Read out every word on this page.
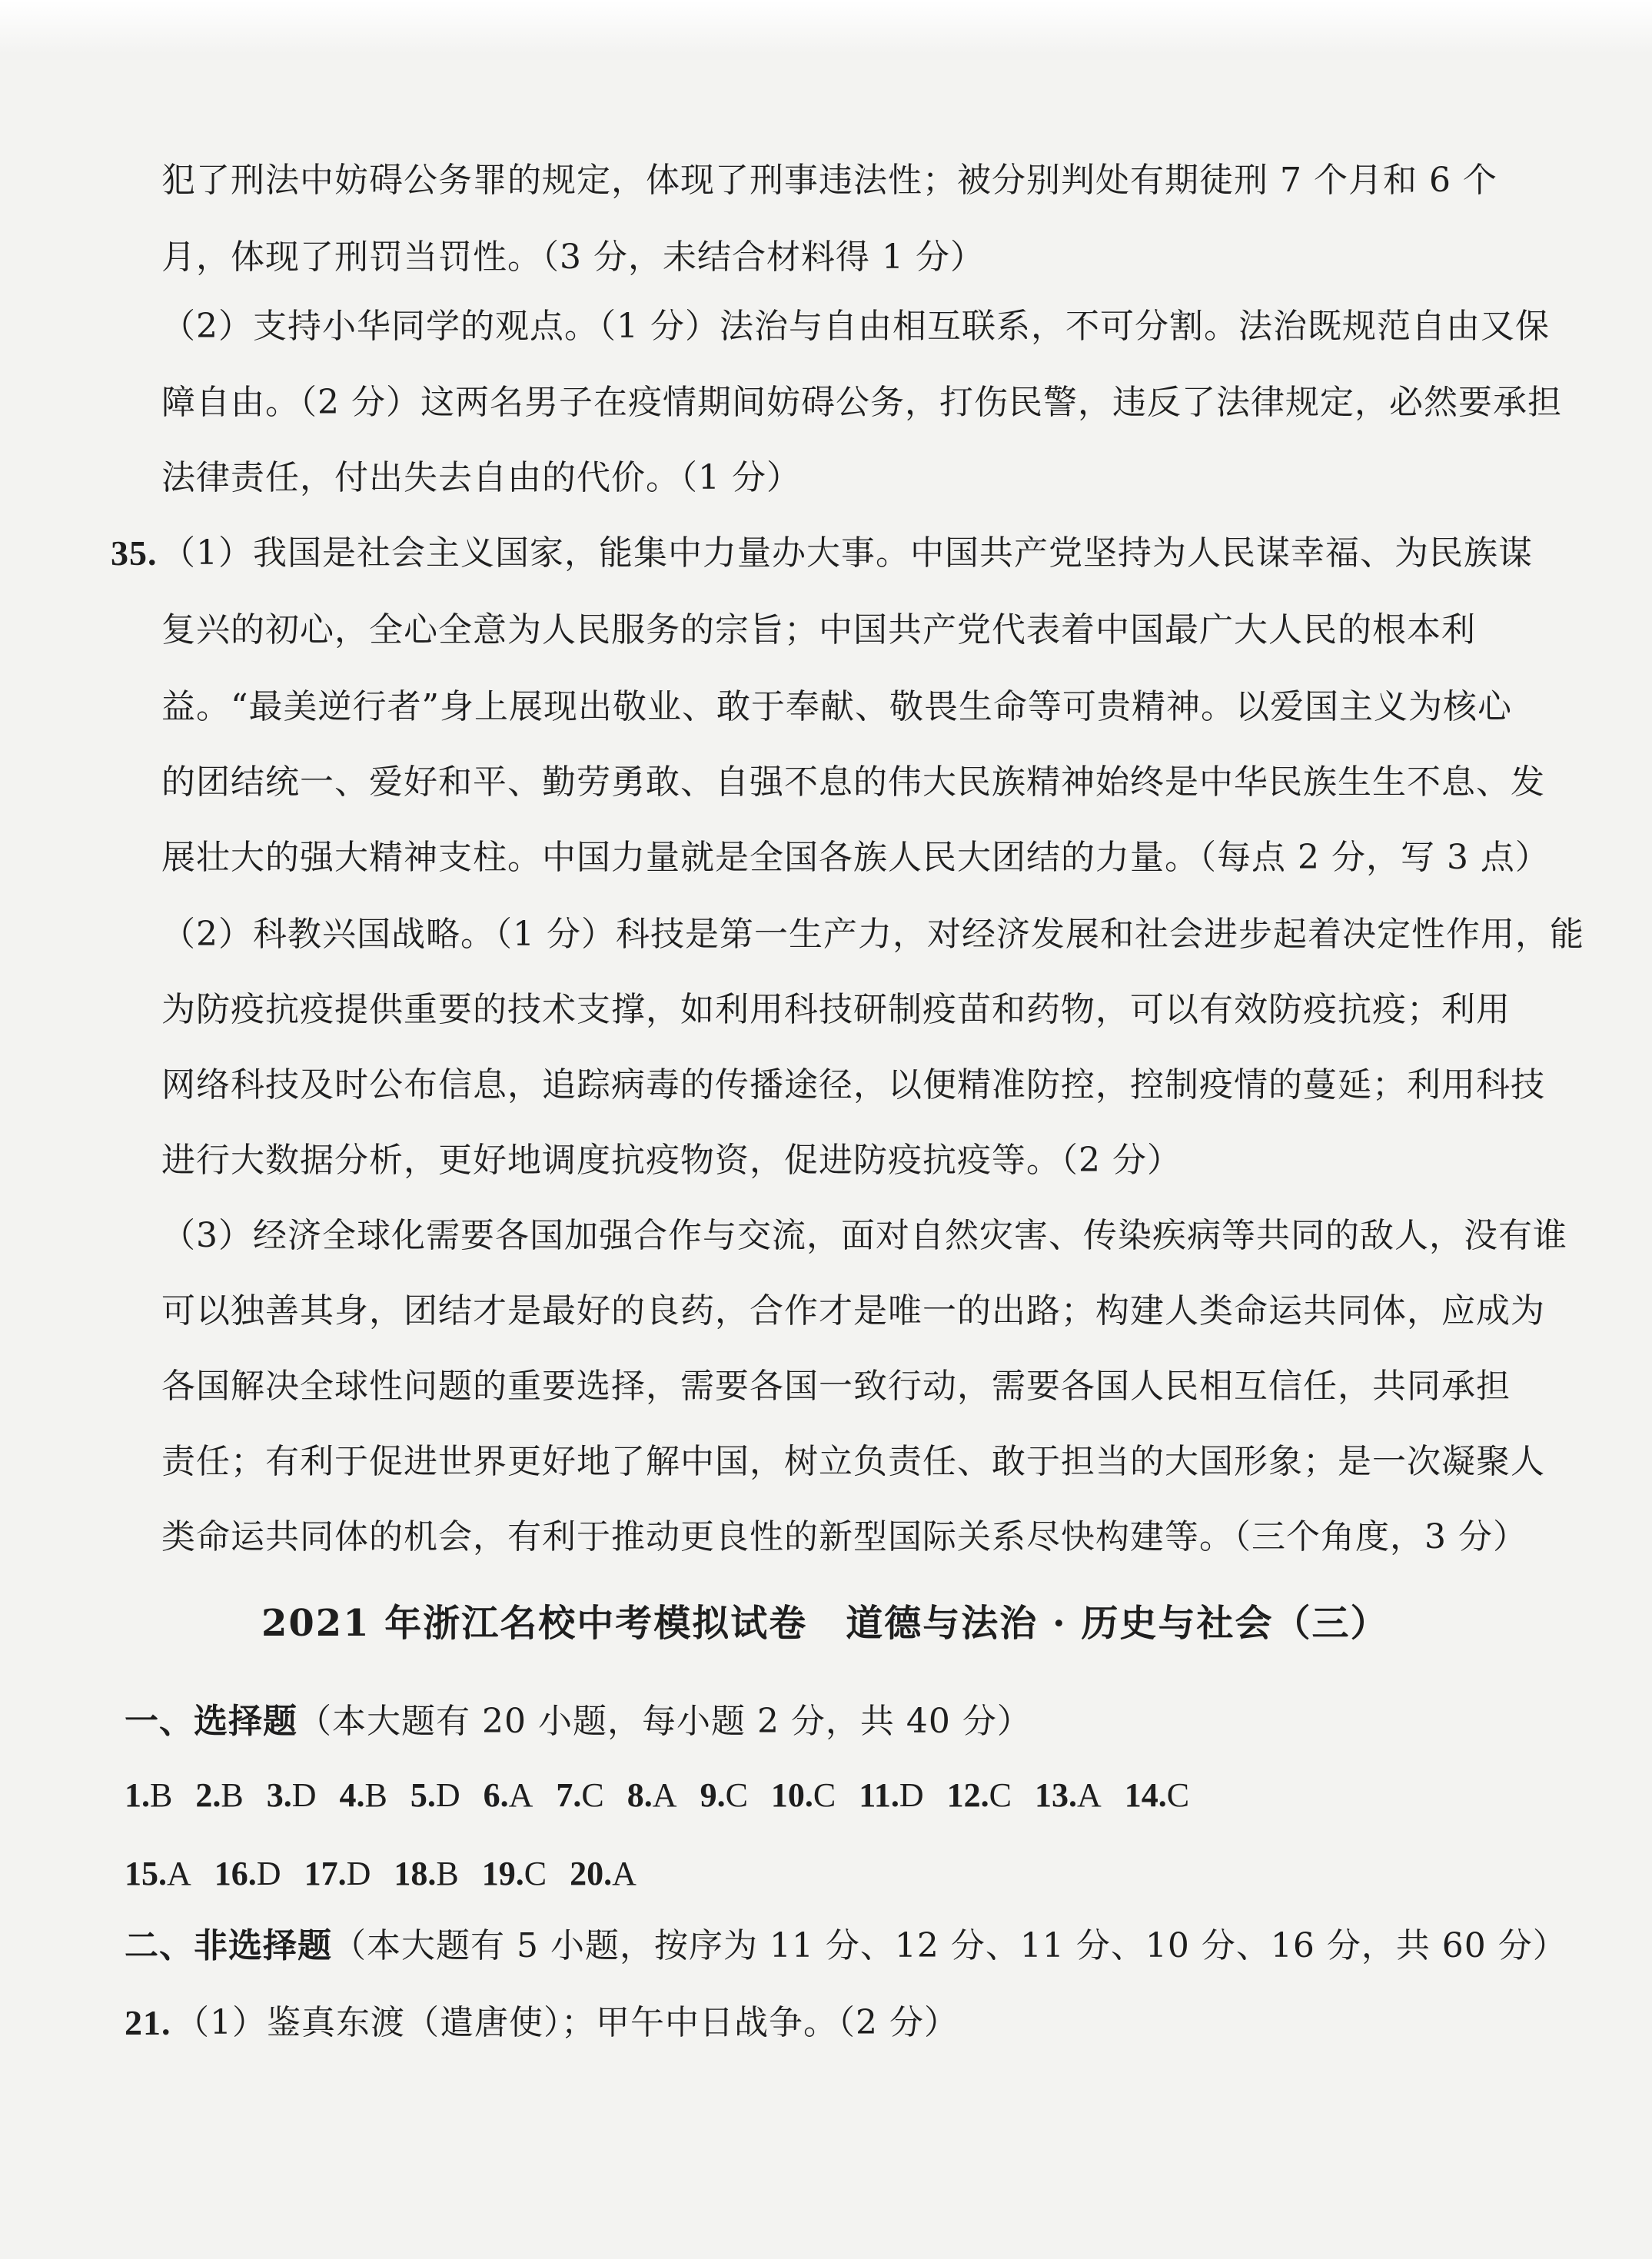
犯了刑法中妨碍公务罪的规定，体现了刑事违法性；被分别判处有期徒刑 7 个月和 6 个
月，体现了刑罚当罚性。（3 分，未结合材料得 1 分）
（2）支持小华同学的观点。（1 分）法治与自由相互联系，不可分割。法治既规范自由又保
障自由。（2 分）这两名男子在疫情期间妨碍公务，打伤民警，违反了法律规定，必然要承担
法律责任，付出失去自由的代价。（1 分）
35. （1）我国是社会主义国家，能集中力量办大事。中国共产党坚持为人民谋幸福、为民族谋
复兴的初心，全心全意为人民服务的宗旨；中国共产党代表着中国最广大人民的根本利
益。“最美逆行者”身上展现出敬业、敢于奉献、敬畏生命等可贵精神。以爱国主义为核心
的团结统一、爱好和平、勤劳勇敢、自强不息的伟大民族精神始终是中华民族生生不息、发
展壮大的强大精神支柱。中国力量就是全国各族人民大团结的力量。（每点 2 分，写 3 点）
（2）科教兴国战略。（1 分）科技是第一生产力，对经济发展和社会进步起着决定性作用，能
为防疫抗疫提供重要的技术支撑，如利用科技研制疫苗和药物，可以有效防疫抗疫；利用
网络科技及时公布信息，追踪病毒的传播途径，以便精准防控，控制疫情的蔓延；利用科技
进行大数据分析，更好地调度抗疫物资，促进防疫抗疫等。（2 分）
（3）经济全球化需要各国加强合作与交流，面对自然灾害、传染疾病等共同的敌人，没有谁
可以独善其身，团结才是最好的良药，合作才是唯一的出路；构建人类命运共同体，应成为
各国解决全球性问题的重要选择，需要各国一致行动，需要各国人民相互信任，共同承担
责任；有利于促进世界更好地了解中国，树立负责任、敢于担当的大国形象；是一次凝聚人
类命运共同体的机会，有利于推动更良性的新型国际关系尽快构建等。（三个角度，3 分）
2021 年浙江名校中考模拟试卷　道德与法治 · 历史与社会（三）
一、选择题（本大题有 20 小题，每小题 2 分，共 40 分）
1.B 2.B 3.D 4.B 5.D 6.A 7.C 8.A 9.C 10.C 11.D 12.C 13.A 14.C
15.A 16.D 17.D 18.B 19.C 20.A
二、非选择题（本大题有 5 小题，按序为 11 分、12 分、11 分、10 分、16 分，共 60 分）
21. （1）鉴真东渡（遣唐使）；甲午中日战争。（2 分）
